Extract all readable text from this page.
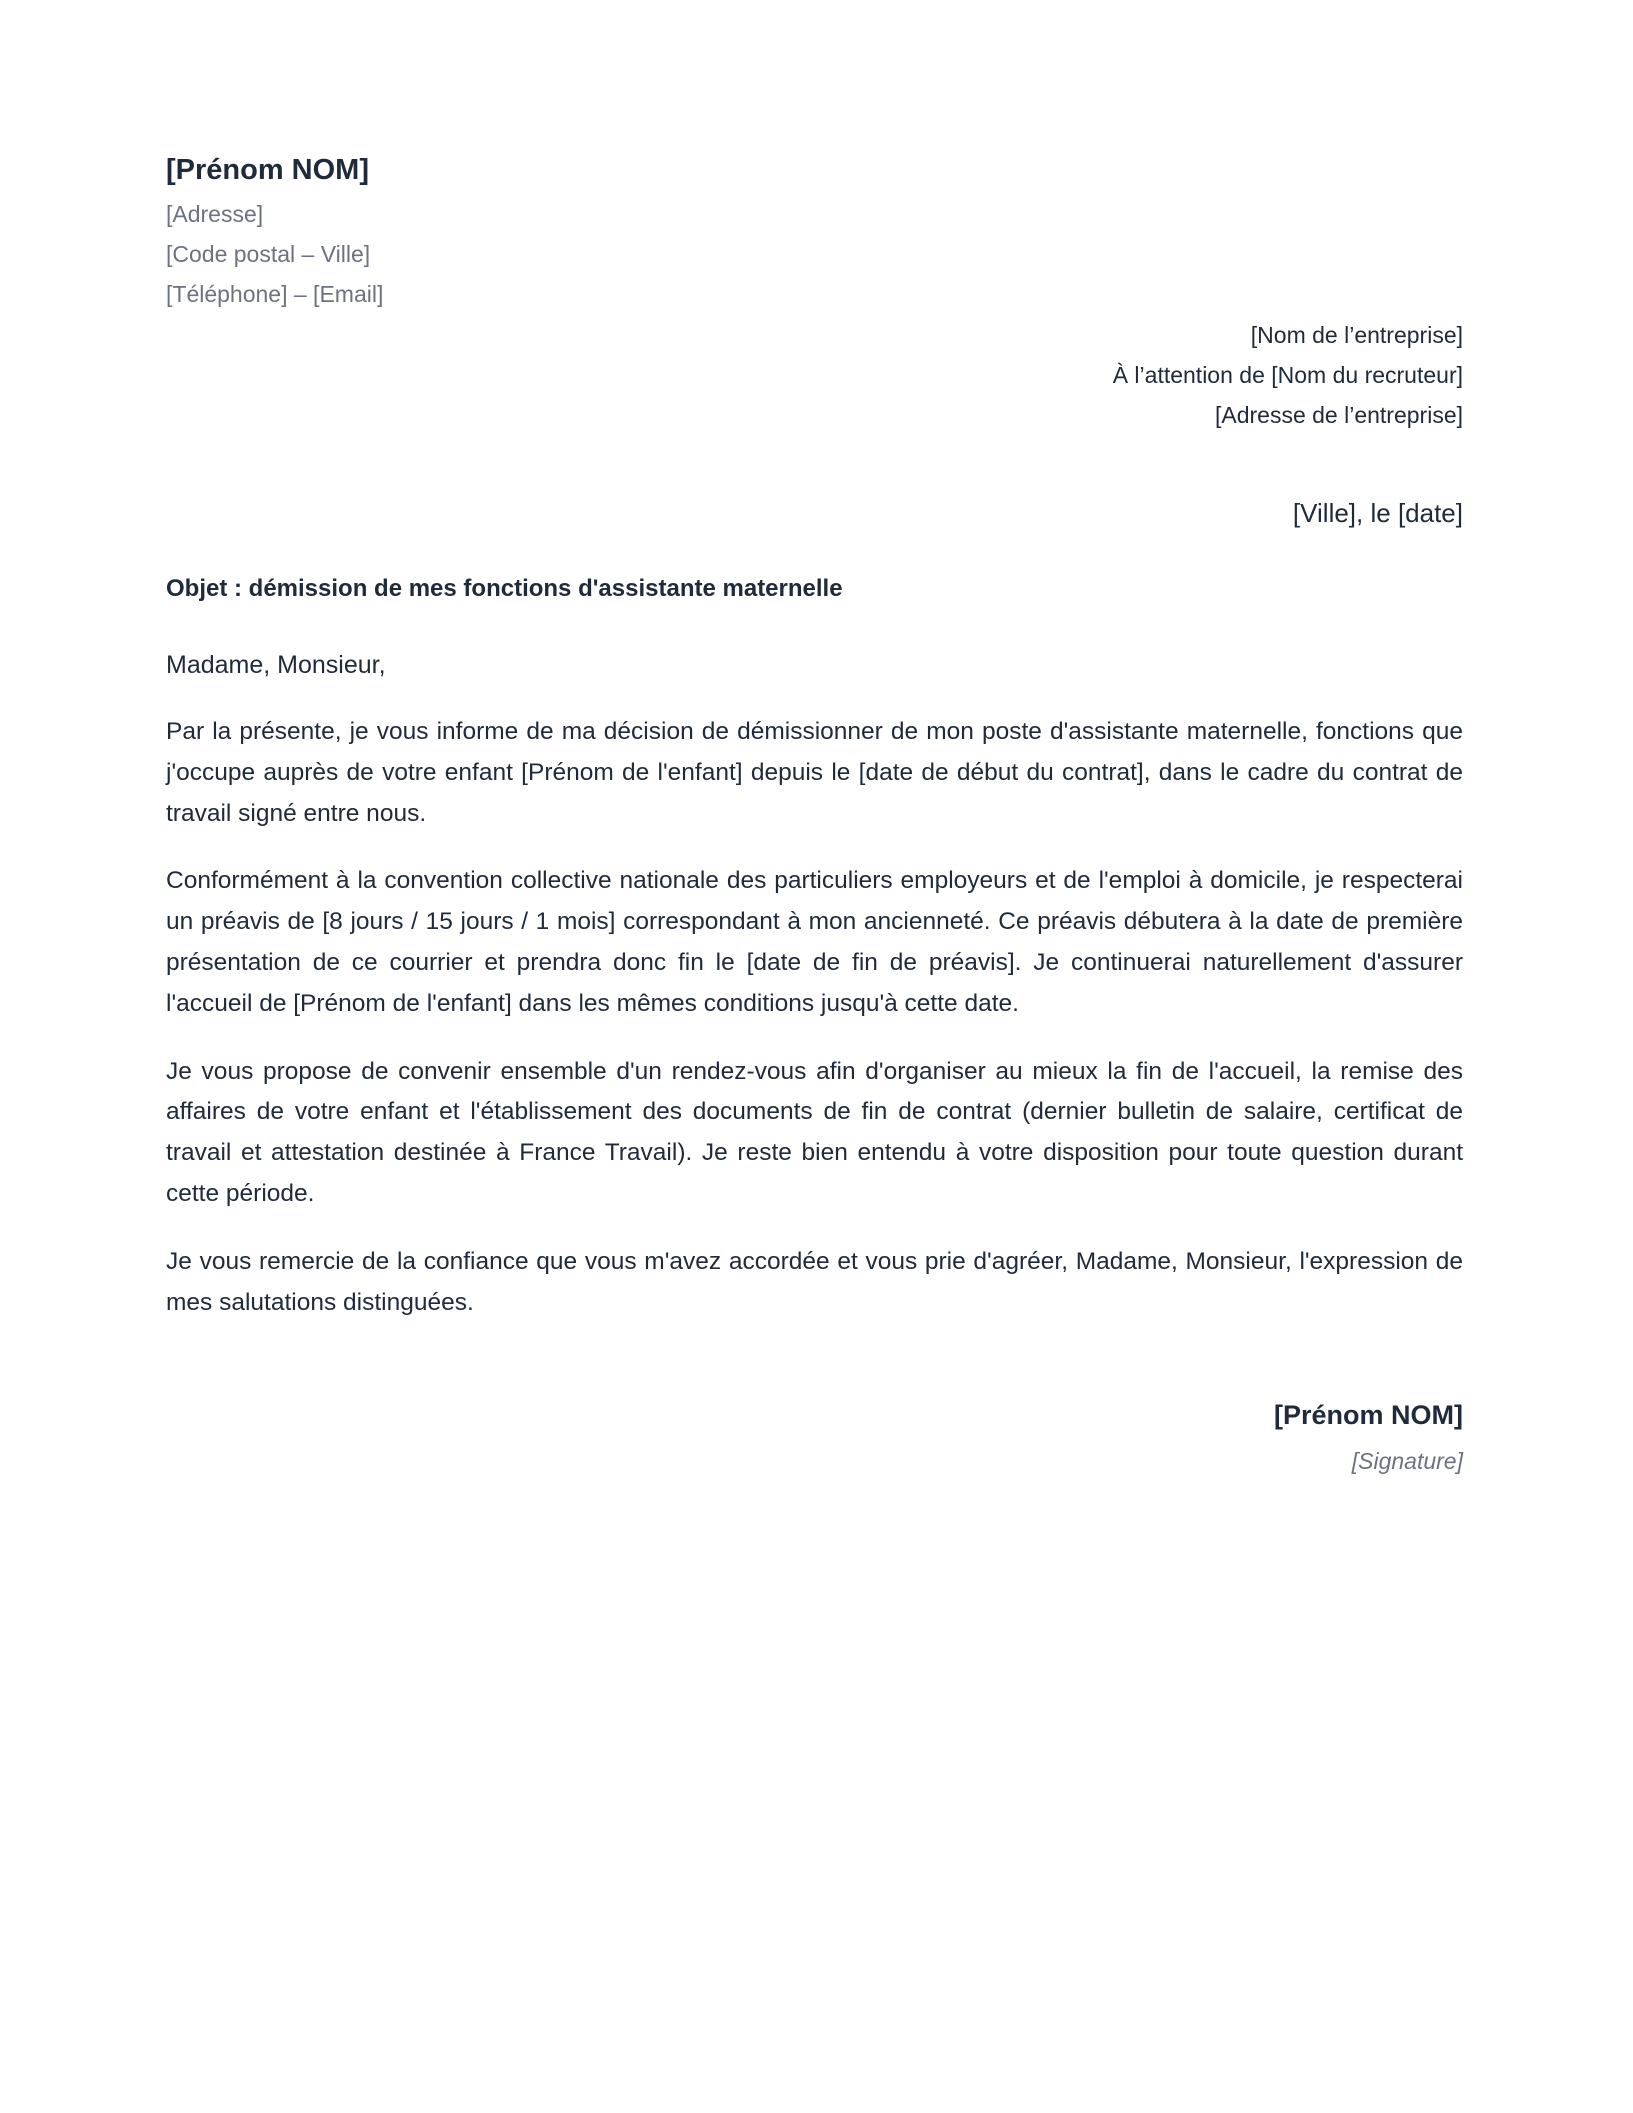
[Prénom NOM]
[Adresse]
[Code postal – Ville]
[Téléphone] – [Email]
[Nom de l’entreprise]
À l’attention de [Nom du recruteur]
[Adresse de l’entreprise]
[Ville], le [date]
Objet : démission de mes fonctions d'assistante maternelle
Madame, Monsieur,

Par la présente, je vous informe de ma décision de démissionner de mon poste d'assistante maternelle, fonctions que j'occupe auprès de votre enfant [Prénom de l'enfant] depuis le [date de début du contrat], dans le cadre du contrat de travail signé entre nous.

Conformément à la convention collective nationale des particuliers employeurs et de l'emploi à domicile, je respecterai un préavis de [8 jours / 15 jours / 1 mois] correspondant à mon ancienneté. Ce préavis débutera à la date de première présentation de ce courrier et prendra donc fin le [date de fin de préavis]. Je continuerai naturellement d'assurer l'accueil de [Prénom de l'enfant] dans les mêmes conditions jusqu'à cette date.

Je vous propose de convenir ensemble d'un rendez-vous afin d'organiser au mieux la fin de l'accueil, la remise des affaires de votre enfant et l'établissement des documents de fin de contrat (dernier bulletin de salaire, certificat de travail et attestation destinée à France Travail). Je reste bien entendu à votre disposition pour toute question durant cette période.

Je vous remercie de la confiance que vous m'avez accordée et vous prie d'agréer, Madame, Monsieur, l'expression de mes salutations distinguées.

[Prénom NOM]
[Signature]
